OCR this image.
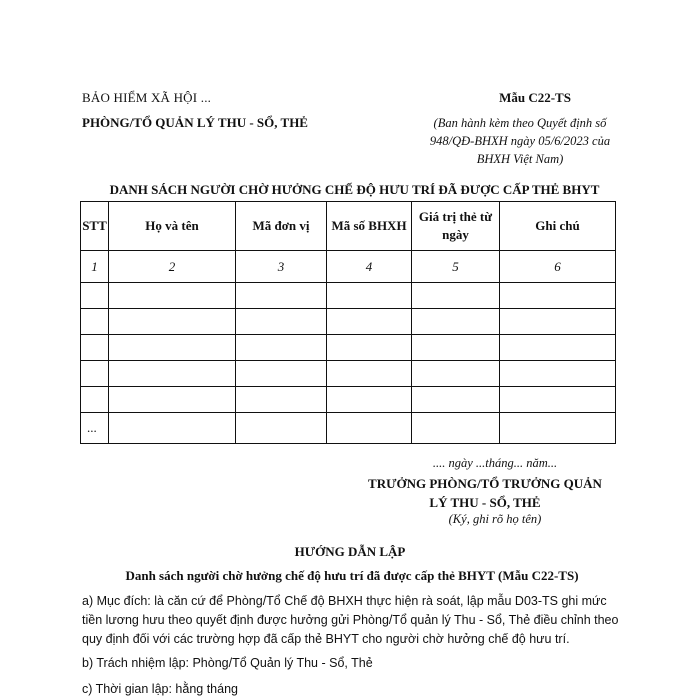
BẢO HIỂM XÃ HỘI ...
PHÒNG/TỔ QUẢN LÝ THU - SỔ, THẺ
Mẫu C22-TS
(Ban hành kèm theo Quyết định số
948/QĐ-BHXH ngày 05/6/2023 của
BHXH Việt Nam)
DANH SÁCH NGƯỜI CHỜ HƯỞNG CHẾ ĐỘ HƯU TRÍ ĐÃ ĐƯỢC CẤP THẺ BHYT
STT	Họ và tên	Mã đơn vị	Mã số BHXH	Giá trị thẻ từ ngày	Ghi chú
1	2	3	4	5	6

...					
.... ngày ...tháng... năm...
TRƯỞNG PHÒNG/TỔ TRƯỞNG QUẢN
LÝ THU - SỔ, THẺ
(Ký, ghi rõ họ tên)
HƯỚNG DẪN LẬP
Danh sách người chờ hưởng chế độ hưu trí đã được cấp thẻ BHYT (Mẫu C22-TS)
a) Mục đích: là căn cứ để Phòng/Tổ Chế độ BHXH thực hiện rà soát, lập mẫu D03-TS ghi mức tiền lương hưu theo quyết định được hưởng gửi Phòng/Tổ quản lý Thu - Sổ, Thẻ điều chỉnh theo quy định đối với các trường hợp đã cấp thẻ BHYT cho người chờ hưởng chế độ hưu trí.
b) Trách nhiệm lập: Phòng/Tổ Quản lý Thu - Sổ, Thẻ
c) Thời gian lập: hằng tháng
